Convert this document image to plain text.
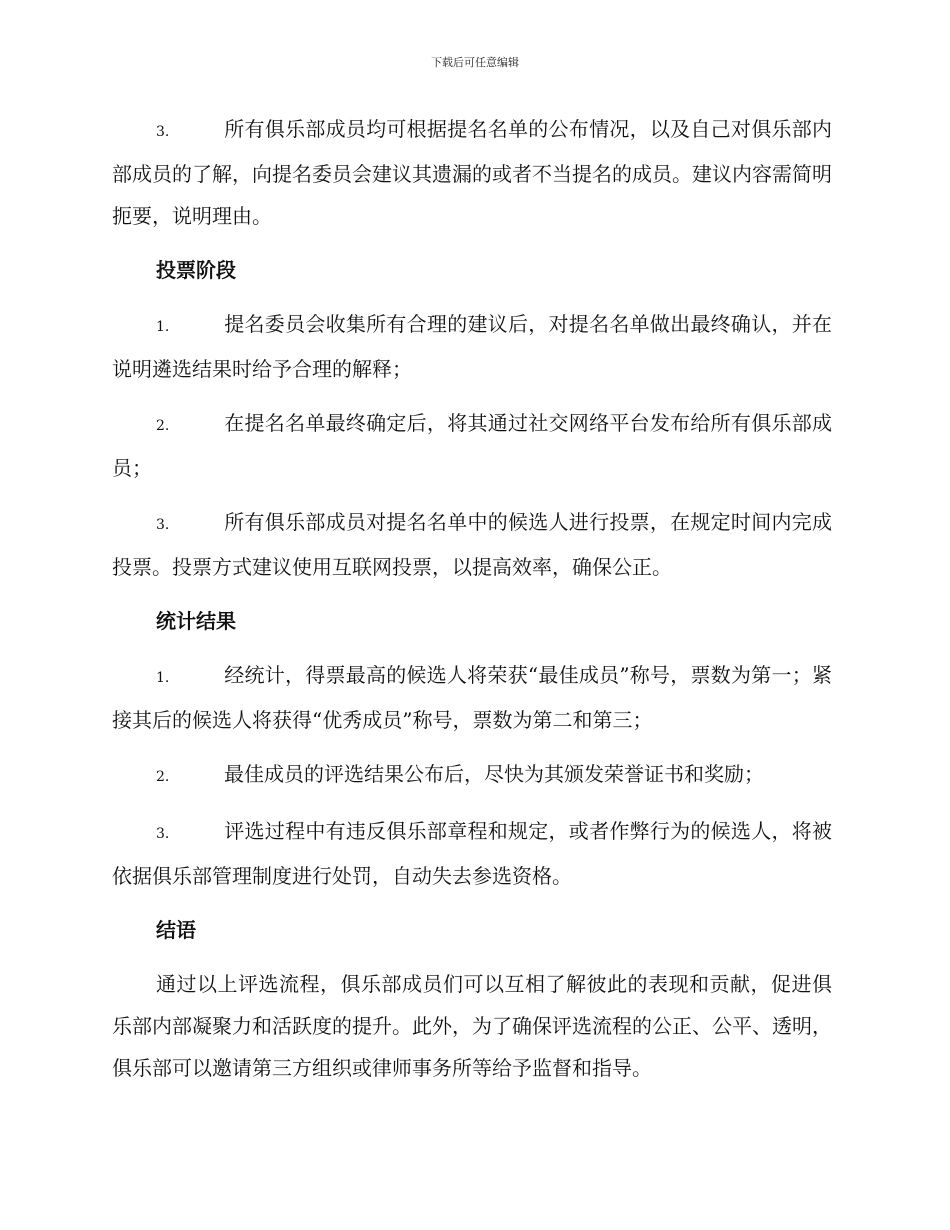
下载后可任意编辑

3.	所有俱乐部成员均可根据提名名单的公布情况，以及自己对俱乐部内部成员的了解，向提名委员会建议其遗漏的或者不当提名的成员。建议内容需简明扼要，说明理由。

投票阶段

1.	提名委员会收集所有合理的建议后，对提名名单做出最终确认，并在说明遴选结果时给予合理的解释；

2.	在提名名单最终确定后，将其通过社交网络平台发布给所有俱乐部成员；

3.	所有俱乐部成员对提名名单中的候选人进行投票，在规定时间内完成投票。投票方式建议使用互联网投票，以提高效率，确保公正。

统计结果

1.	经统计，得票最高的候选人将荣获“最佳成员”称号，票数为第一；紧接其后的候选人将获得“优秀成员”称号，票数为第二和第三；

2.	最佳成员的评选结果公布后，尽快为其颁发荣誉证书和奖励；

3.	评选过程中有违反俱乐部章程和规定，或者作弊行为的候选人，将被依据俱乐部管理制度进行处罚，自动失去参选资格。

结语

通过以上评选流程，俱乐部成员们可以互相了解彼此的表现和贡献，促进俱乐部内部凝聚力和活跃度的提升。此外，为了确保评选流程的公正、公平、透明，俱乐部可以邀请第三方组织或律师事务所等给予监督和指导。
